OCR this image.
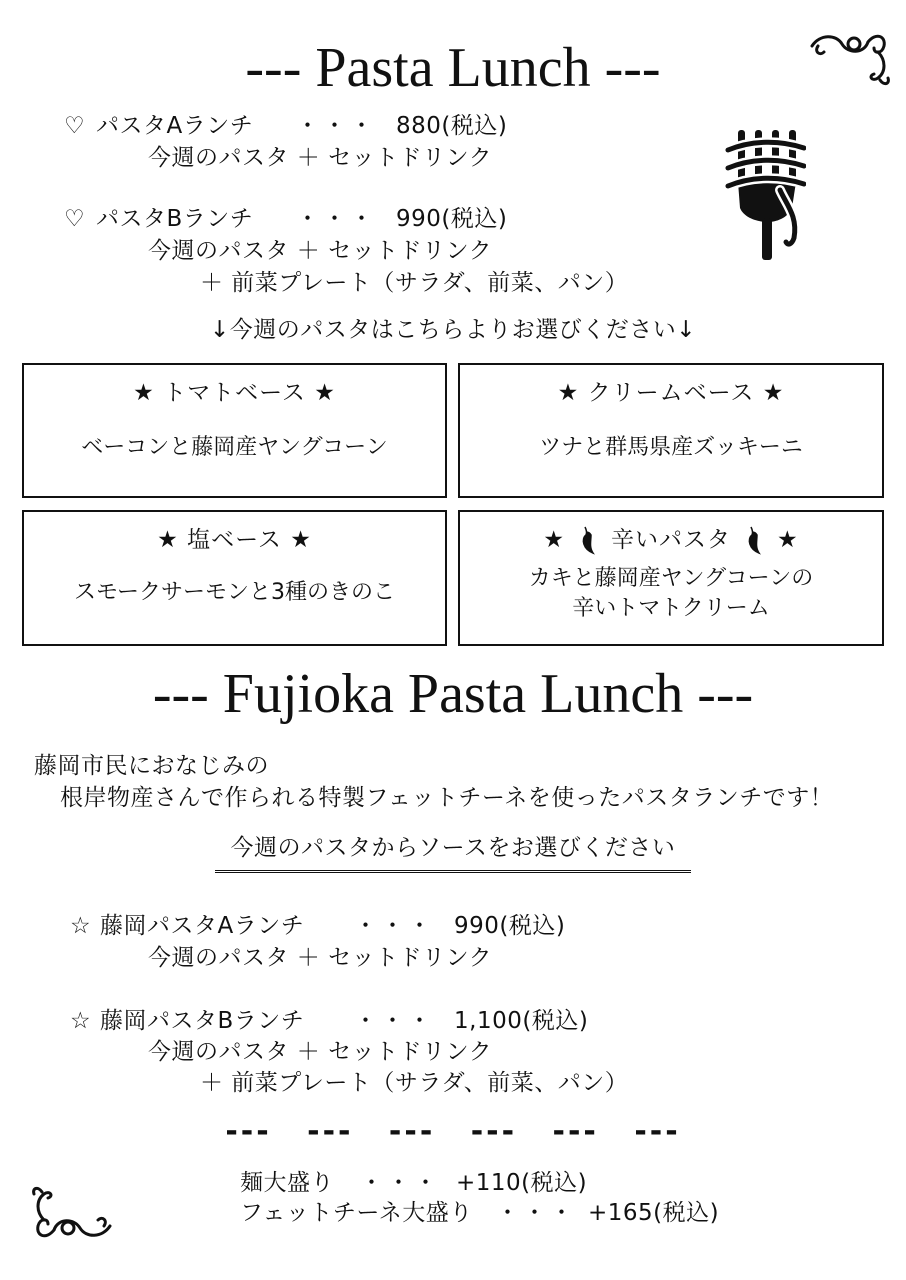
--- Pasta Lunch ---
♡ パスタAランチ	・・・ 880(税込)
今週のパスタ ＋ セットドリンク
♡ パスタBランチ	・・・ 990(税込)
今週のパスタ ＋ セットドリンク
＋ 前菜プレート（サラダ、前菜、パン）
↓今週のパスタはこちらよりお選びください↓
★ トマトベース ★
ベーコンと藤岡産ヤングコーン
★ クリームベース ★
ツナと群馬県産ズッキーニ
★ 塩ベース ★
スモークサーモンと3種のきのこ
★ 辛いパスタ ★
カキと藤岡産ヤングコーンの
辛いトマトクリーム
--- Fujioka Pasta Lunch ---
藤岡市民におなじみの
根岸物産さんで作られる特製フェットチーネを使ったパスタランチです！
今週のパスタからソースをお選びください
☆ 藤岡パスタAランチ	・・・ 990(税込)
今週のパスタ ＋ セットドリンク
☆ 藤岡パスタBランチ	・・・ 1,100(税込)
今週のパスタ ＋ セットドリンク
＋ 前菜プレート（サラダ、前菜、パン）
--- --- --- --- --- ---
麺大盛り	・・・ +110(税込)
フェットチーネ大盛り	・・・ +165(税込)
